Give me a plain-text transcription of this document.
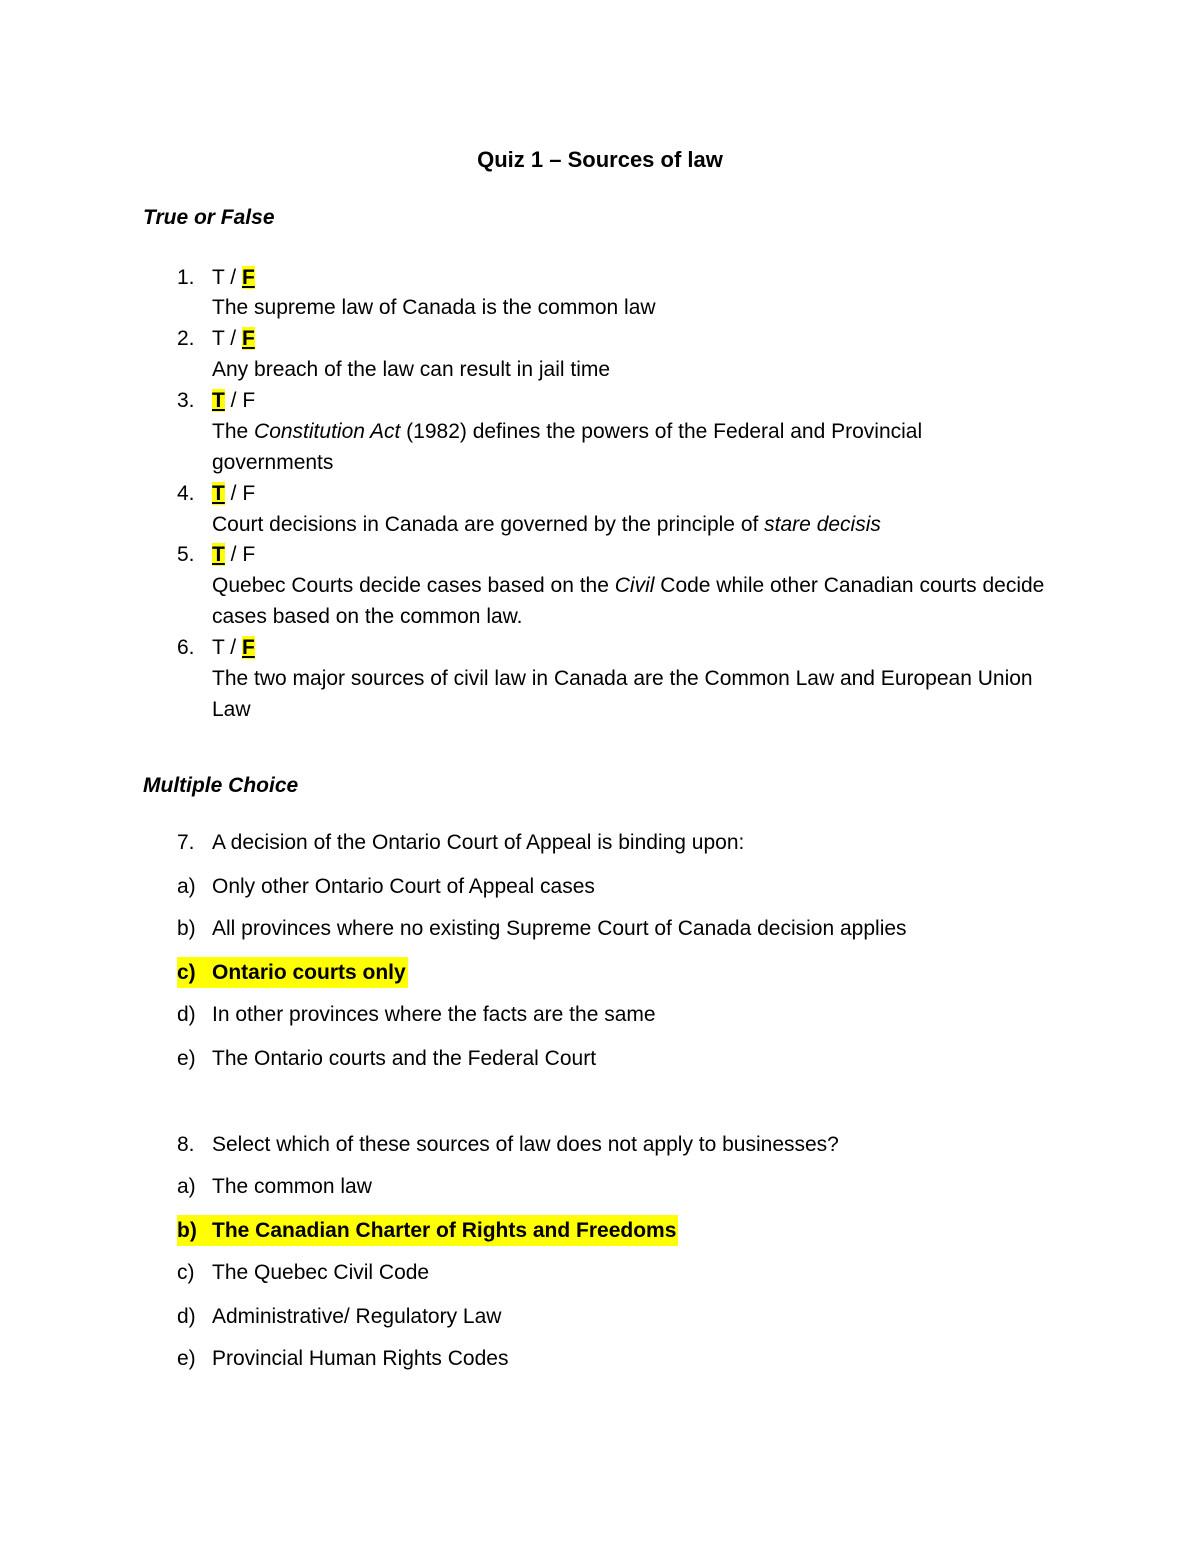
Quiz 1 – Sources of law
True or False
1. T / F
The supreme law of Canada is the common law
2. T / F
Any breach of the law can result in jail time
3. T / F
The Constitution Act (1982) defines the powers of the Federal and Provincial
governments
4. T / F
Court decisions in Canada are governed by the principle of stare decisis
5. T / F
Quebec Courts decide cases based on the Civil Code while other Canadian courts decide
cases based on the common law.
6. T / F
The two major sources of civil law in Canada are the Common Law and European Union
Law
Multiple Choice
7. A decision of the Ontario Court of Appeal is binding upon:
a) Only other Ontario Court of Appeal cases
b) All provinces where no existing Supreme Court of Canada decision applies
c) Ontario courts only
d) In other provinces where the facts are the same
e) The Ontario courts and the Federal Court
8. Select which of these sources of law does not apply to businesses?
a) The common law
b) The Canadian Charter of Rights and Freedoms
c) The Quebec Civil Code
d) Administrative/ Regulatory Law
e) Provincial Human Rights Codes
